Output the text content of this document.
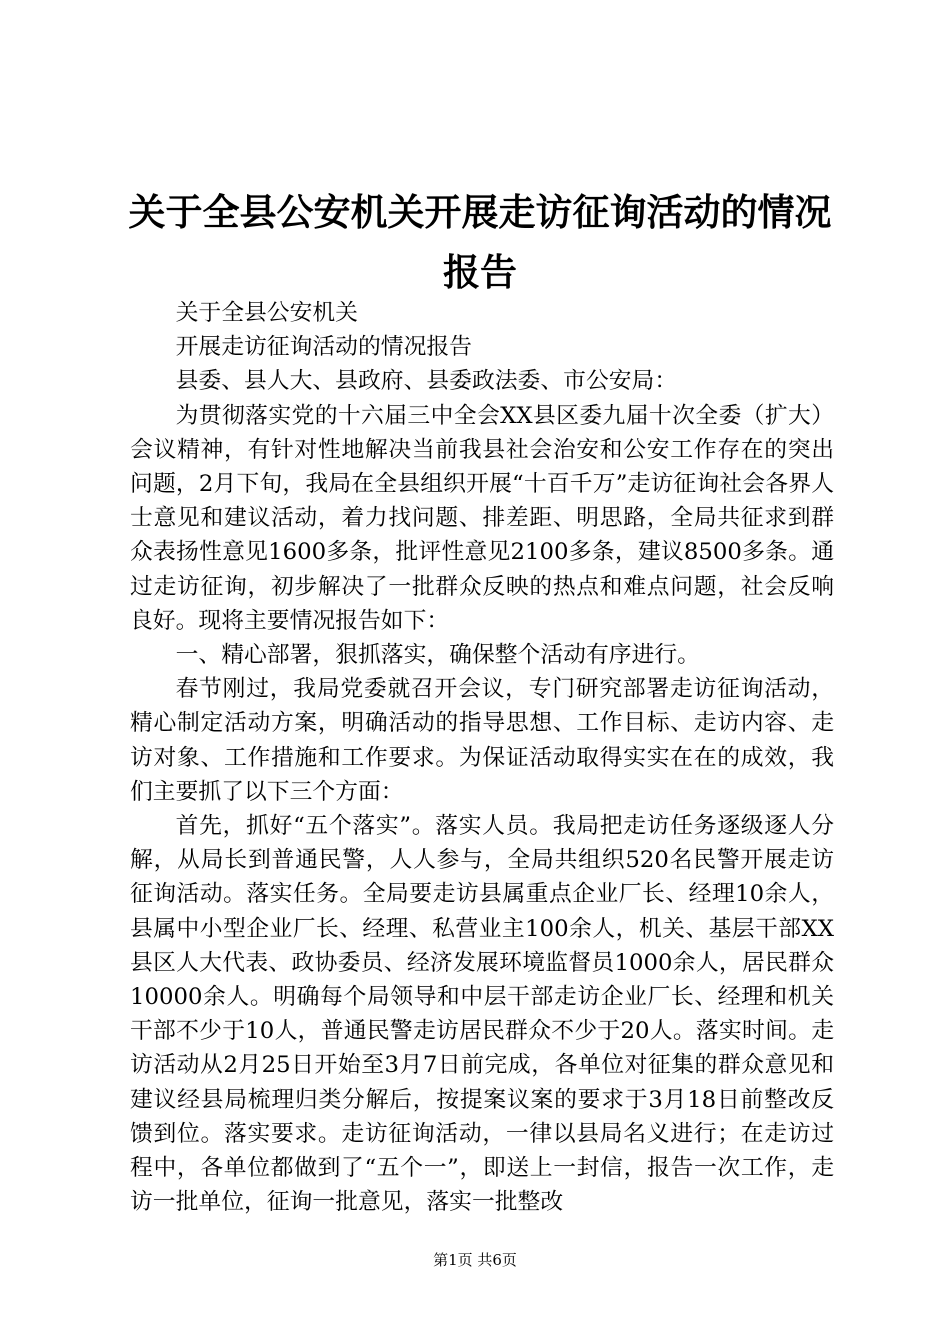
关于全县公安机关开展走访征询活动的情况报告

关于全县公安机关

开展走访征询活动的情况报告

县委、县人大、县政府、县委政法委、市公安局：

为贯彻落实党的十六届三中全会XX县区委九届十次全委（扩大）会议精神，有针对性地解决当前我县社会治安和公安工作存在的突出问题，2月下旬，我局在全县组织开展“十百千万”走访征询社会各界人士意见和建议活动，着力找问题、排差距、明思路，全局共征求到群众表扬性意见1600多条，批评性意见2100多条，建议8500多条。通过走访征询，初步解决了一批群众反映的热点和难点问题，社会反响良好。现将主要情况报告如下：

一、精心部署，狠抓落实，确保整个活动有序进行。

春节刚过，我局党委就召开会议，专门研究部署走访征询活动，精心制定活动方案，明确活动的指导思想、工作目标、走访内容、走访对象、工作措施和工作要求。为保证活动取得实实在在的成效，我们主要抓了以下三个方面：

首先，抓好“五个落实”。落实人员。我局把走访任务逐级逐人分解，从局长到普通民警，人人参与，全局共组织520名民警开展走访征询活动。落实任务。全局要走访县属重点企业厂长、经理10余人，县属中小型企业厂长、经理、私营业主100余人，机关、基层干部XX县区人大代表、政协委员、经济发展环境监督员1000余人，居民群众10000余人。明确每个局领导和中层干部走访企业厂长、经理和机关干部不少于10人，普通民警走访居民群众不少于20人。落实时间。走访活动从2月25日开始至3月7日前完成，各单位对征集的群众意见和建议经县局梳理归类分解后，按提案议案的要求于3月18日前整改反馈到位。落实要求。走访征询活动，一律以县局名义进行；在走访过程中，各单位都做到了“五个一”，即送上一封信，报告一次工作，走访一批单位，征询一批意见，落实一批整改

第1页 共6页
